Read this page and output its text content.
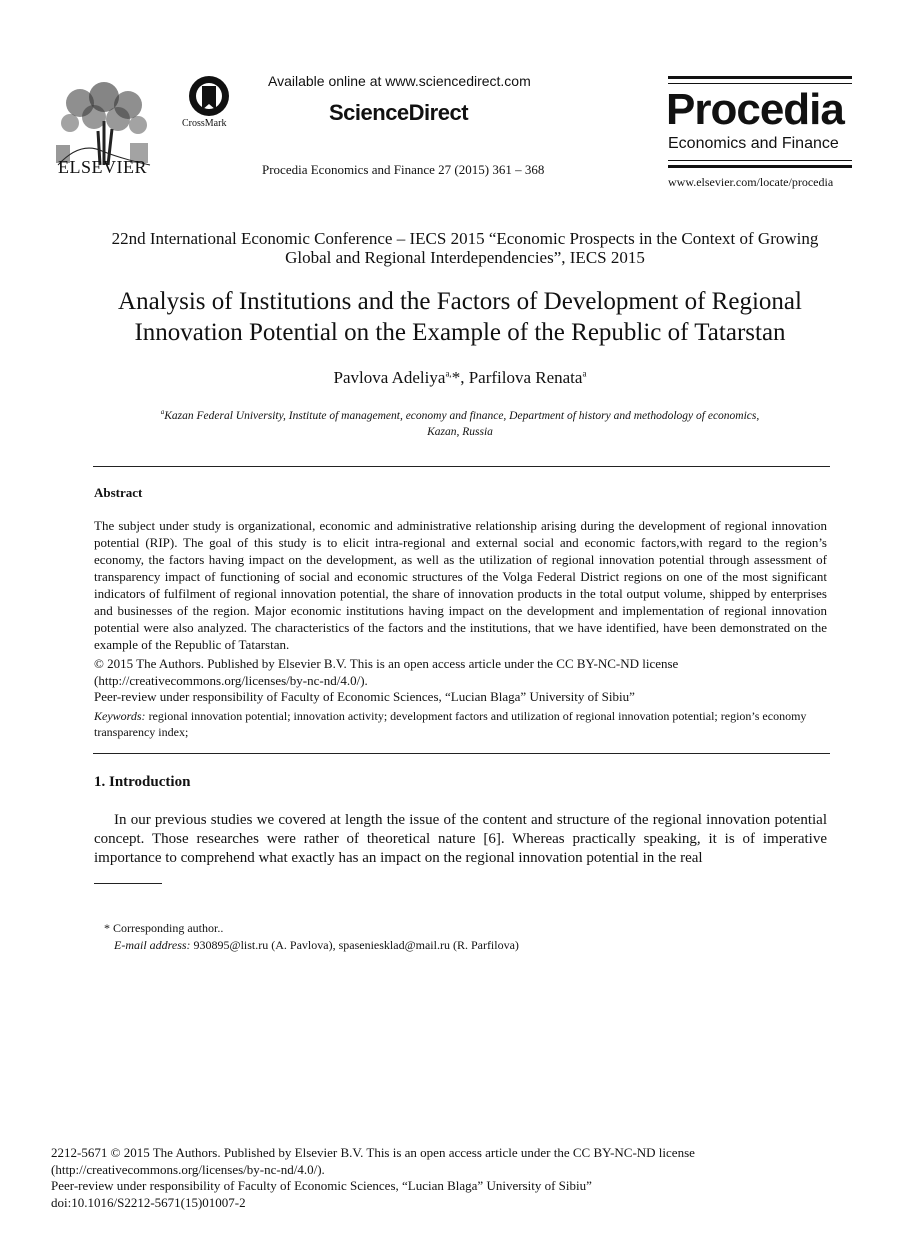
ELSEVIER
CrossMark
Available online at www.sciencedirect.com
ScienceDirect
Procedia Economics and Finance 27 (2015) 361 – 368
Procedia
Economics and Finance
www.elsevier.com/locate/procedia
22nd International Economic Conference – IECS 2015 “Economic Prospects in the Context of Growing Global and Regional Interdependencies”, IECS 2015
Analysis of Institutions and the Factors of Development of Regional
Innovation Potential on the Example of the Republic of Tatarstan
Pavlova Adeliya$^{a,}$*, Parfilova Renata$^a$
$^a$Kazan Federal University, Institute of management, economy and finance, Department of history and methodology of economics, Kazan, Russia
Abstract
The subject under study is organizational, economic and administrative relationship arising during the development of regional innovation potential (RIP). The goal of this study is to elicit intra-regional and external social and economic factors,with regard to the region’s economy, the factors having impact on the development, as well as the utilization of regional innovation potential through assessment of transparency impact of functioning of social and economic structures of the Volga Federal District regions on one of the most significant indicators of fulfilment of regional innovation potential, the share of innovation products in the total output volume, shipped by enterprises and businesses of the region. Major economic institutions having impact on the development and implementation of regional innovation potential were also analyzed. The characteristics of the factors and the institutions, that we have identified, have been demonstrated on the example of the Republic of Tatarstan.
© 2015 The Authors. Published by Elsevier B.V. This is an open access article under the CC BY-NC-ND license
(http://creativecommons.org/licenses/by-nc-nd/4.0/).
Peer-review under responsibility of Faculty of Economic Sciences, “Lucian Blaga” University of Sibiu”
Keywords: regional innovation potential; innovation activity; development factors and utilization of regional innovation potential; region’s economy transparency index;
1. Introduction
In our previous studies we covered at length the issue of the content and structure of the regional innovation potential concept. Those researches were rather of theoretical nature [6]. Whereas practically speaking, it is of imperative importance to comprehend what exactly has an impact on the regional innovation potential in the real
* Corresponding author..
E-mail address: 930895@list.ru (A. Pavlova), spaseniesklad@mail.ru (R. Parfilova)
2212-5671 © 2015 The Authors. Published by Elsevier B.V. This is an open access article under the CC BY-NC-ND license
(http://creativecommons.org/licenses/by-nc-nd/4.0/).
Peer-review under responsibility of Faculty of Economic Sciences, “Lucian Blaga” University of Sibiu”
doi:10.1016/S2212-5671(15)01007-2
